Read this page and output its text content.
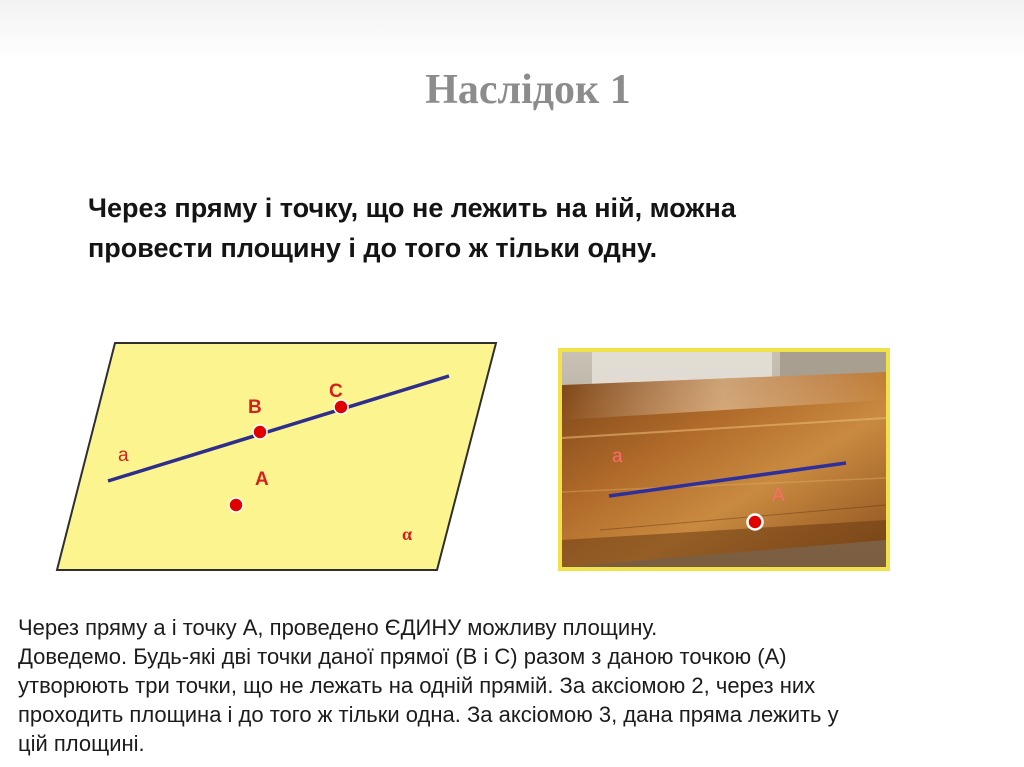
Наслідок 1

Через пряму і точку, що не лежить на ній, можна
провести площину і до того ж тільки одну.

a
B
C
A
α
a
A

Через пряму а і точку А, проведено ЄДИНУ можливу площину.
Доведемо. Будь-які дві точки даної прямої (В і С) разом з даною точкою (А)
утворюють три точки, що не лежать на одній прямій. За аксіомою 2, через них
проходить площина і до того ж тільки одна. За аксіомою 3, дана пряма лежить у
цій площині.
